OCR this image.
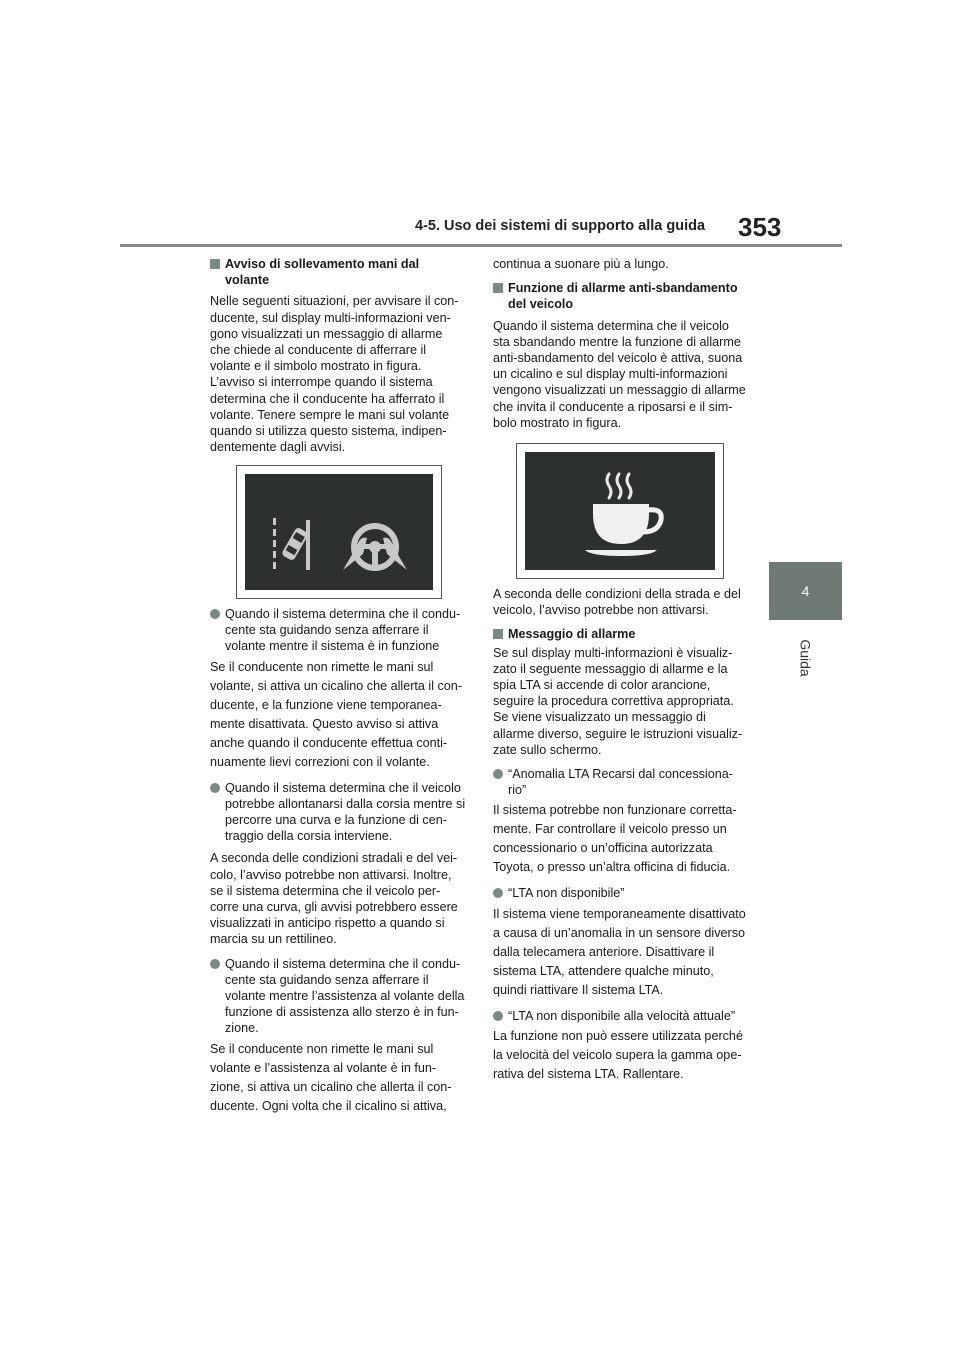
4-5. Uso dei sistemi di supporto alla guida 353
4
Guida
Avviso di sollevamento mani dal
volante

Nelle seguenti situazioni, per avvisare il con-

ducente, sul display multi-informazioni ven-

gono visualizzati un messaggio di allarme

che chiede al conducente di afferrare il

volante e il simbolo mostrato in figura.

L’avviso si interrompe quando il sistema

determina che il conducente ha afferrato il

volante. Tenere sempre le mani sul volante

quando si utilizza questo sistema, indipen-

dentemente dagli avvisi.

Quando il sistema determina che il condu-

cente sta guidando senza afferrare il

volante mentre il sistema è in funzione

Se il conducente non rimette le mani sul

volante, si attiva un cicalino che allerta il con-

ducente, e la funzione viene temporanea-

mente disattivata. Questo avviso si attiva

anche quando il conducente effettua conti-

nuamente lievi correzioni con il volante.

Quando il sistema determina che il veicolo

potrebbe allontanarsi dalla corsia mentre si

percorre una curva e la funzione di cen-

traggio della corsia interviene.

A seconda delle condizioni stradali e del vei-

colo, l’avviso potrebbe non attivarsi. Inoltre,

se il sistema determina che il veicolo per-

corre una curva, gli avvisi potrebbero essere

visualizzati in anticipo rispetto a quando si

marcia su un rettilineo.

Quando il sistema determina che il condu-

cente sta guidando senza afferrare il

volante mentre l’assistenza al volante della

funzione di assistenza allo sterzo è in fun-

zione.

Se il conducente non rimette le mani sul

volante e l’assistenza al volante è in fun-

zione, si attiva un cicalino che allerta il con-

ducente. Ogni volta che il cicalino si attiva,

continua a suonare più a lungo.

Funzione di allarme anti-sbandamento
del veicolo

Quando il sistema determina che il veicolo

sta sbandando mentre la funzione di allarme

anti-sbandamento del veicolo è attiva, suona

un cicalino e sul display multi-informazioni

vengono visualizzati un messaggio di allarme

che invita il conducente a riposarsi e il sim-

bolo mostrato in figura.

A seconda delle condizioni della strada e del

veicolo, l’avviso potrebbe non attivarsi.

Messaggio di allarme

Se sul display multi-informazioni è visualiz-

zato il seguente messaggio di allarme e la

spia LTA si accende di color arancione,

seguire la procedura correttiva appropriata.

Se viene visualizzato un messaggio di

allarme diverso, seguire le istruzioni visualiz-

zate sullo schermo.

“Anomalia LTA Recarsi dal concessiona-

rio”

Il sistema potrebbe non funzionare corretta-

mente. Far controllare il veicolo presso un

concessionario o un’officina autorizzata

Toyota, o presso un’altra officina di fiducia.

“LTA non disponibile”

Il sistema viene temporaneamente disattivato

a causa di un’anomalia in un sensore diverso

dalla telecamera anteriore. Disattivare il

sistema LTA, attendere qualche minuto,

quindi riattivare Il sistema LTA.

“LTA non disponibile alla velocità attuale”

La funzione non può essere utilizzata perché

la velocità del veicolo supera la gamma ope-

rativa del sistema LTA. Rallentare.
